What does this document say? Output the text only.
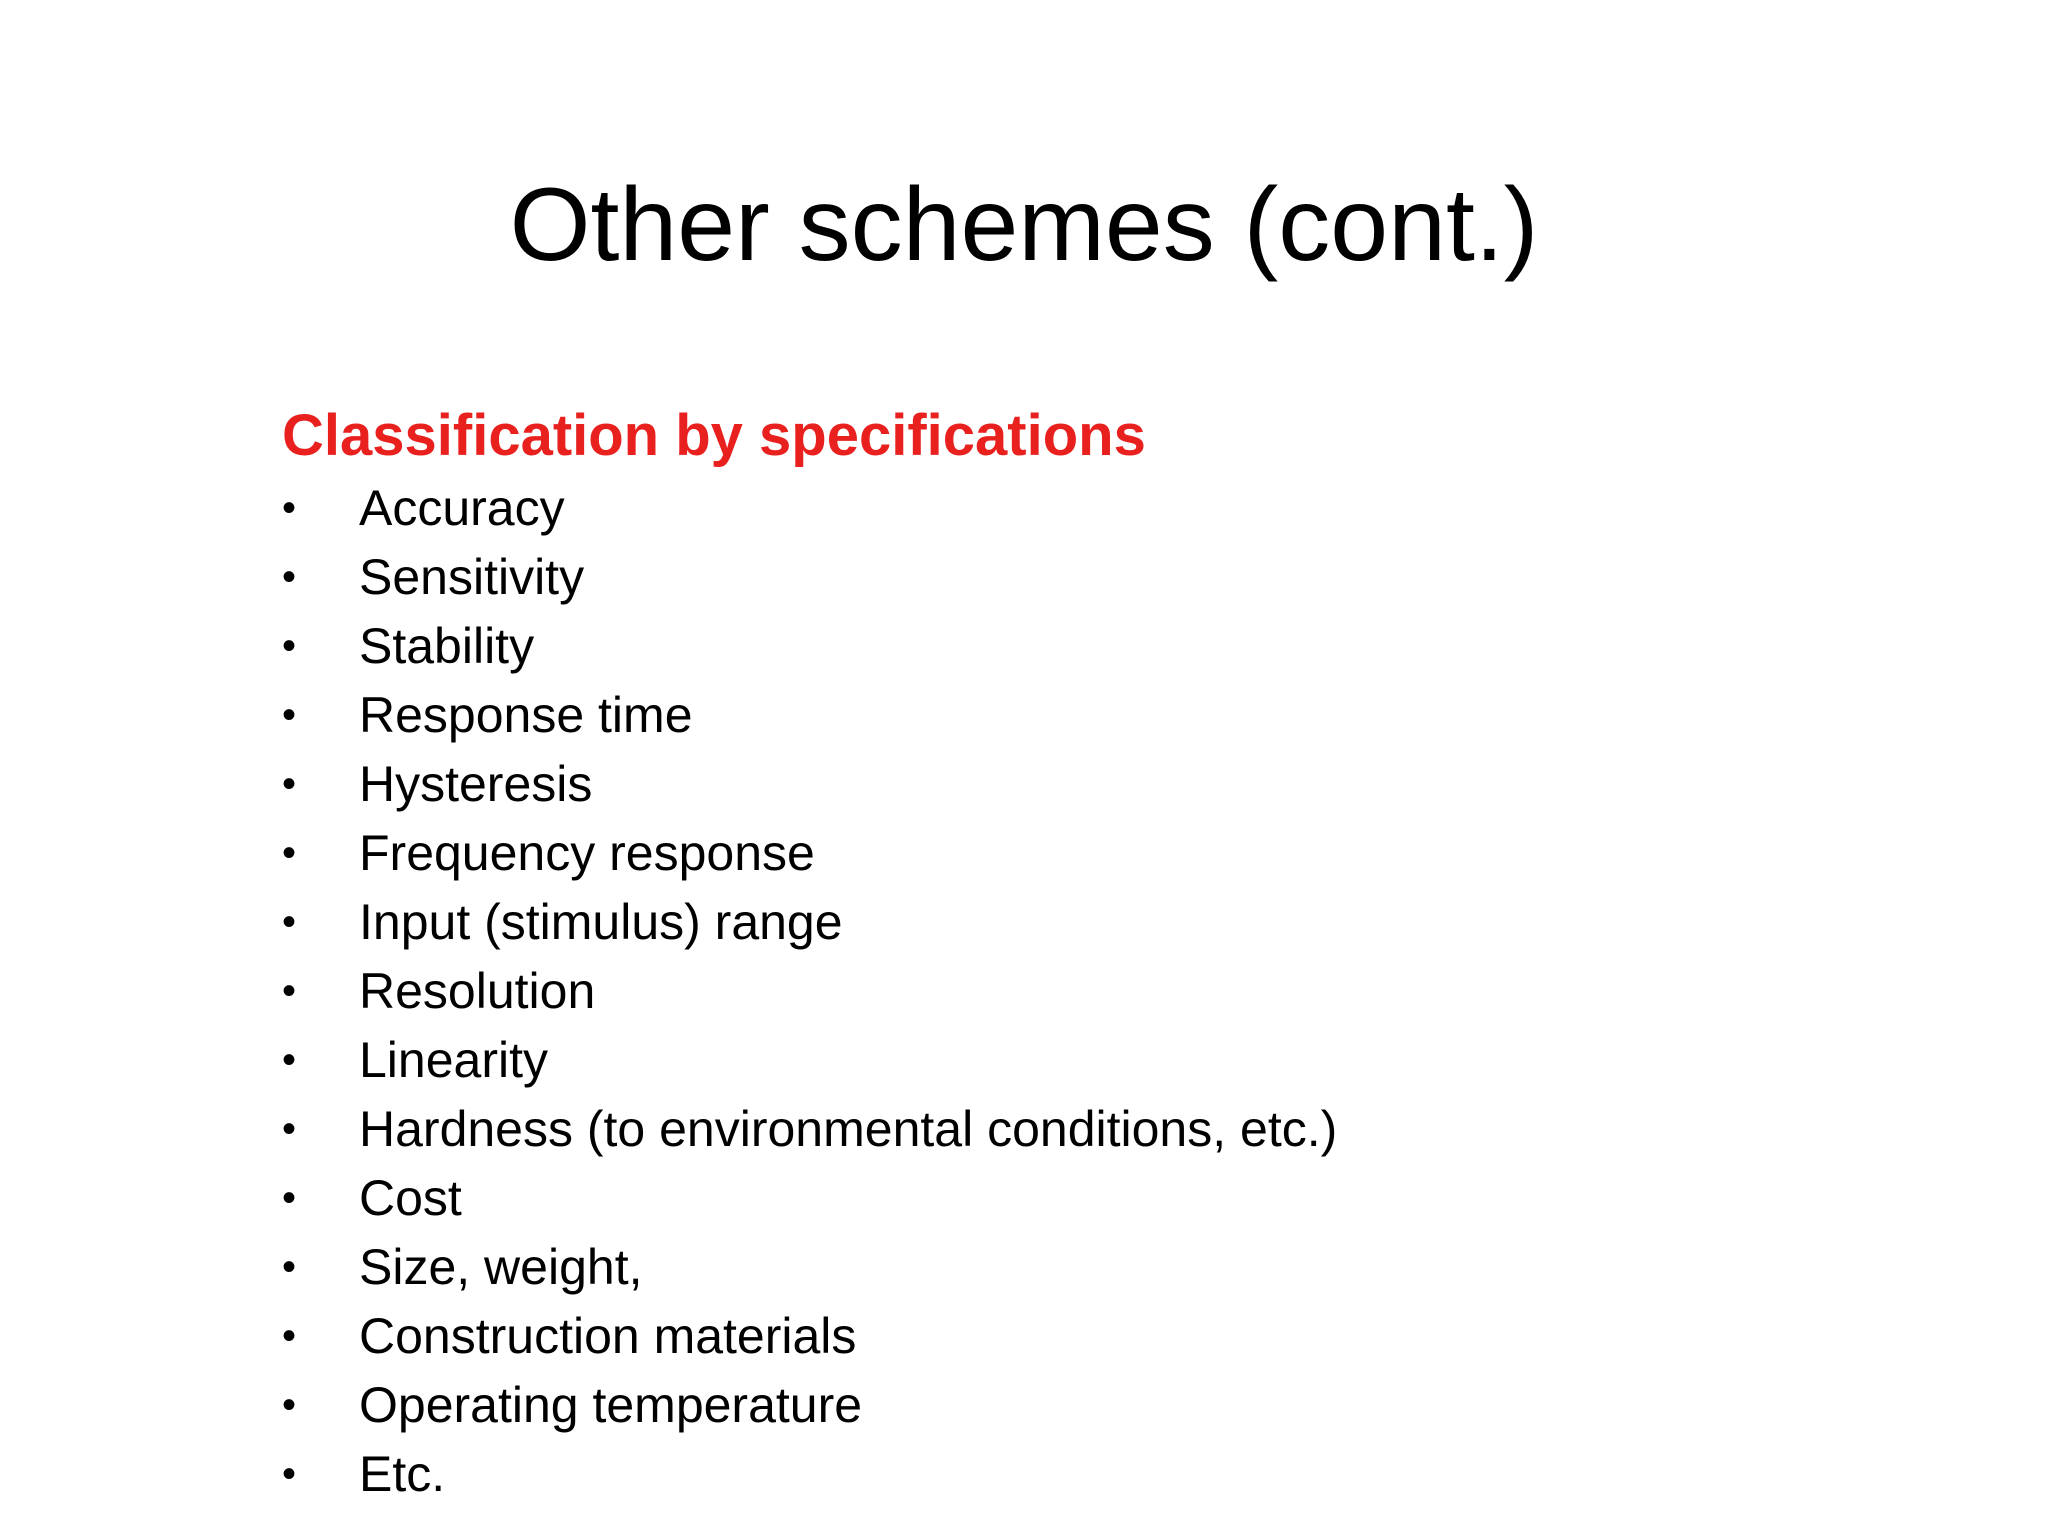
Other schemes (cont.)

Classification by specifications

•	Accuracy
•	Sensitivity
•	Stability
•	Response time
•	Hysteresis
•	Frequency response
•	Input (stimulus) range
•	Resolution
•	Linearity
•	Hardness (to environmental conditions, etc.)
•	Cost
•	Size, weight,
•	Construction materials
•	Operating temperature
•	Etc.
